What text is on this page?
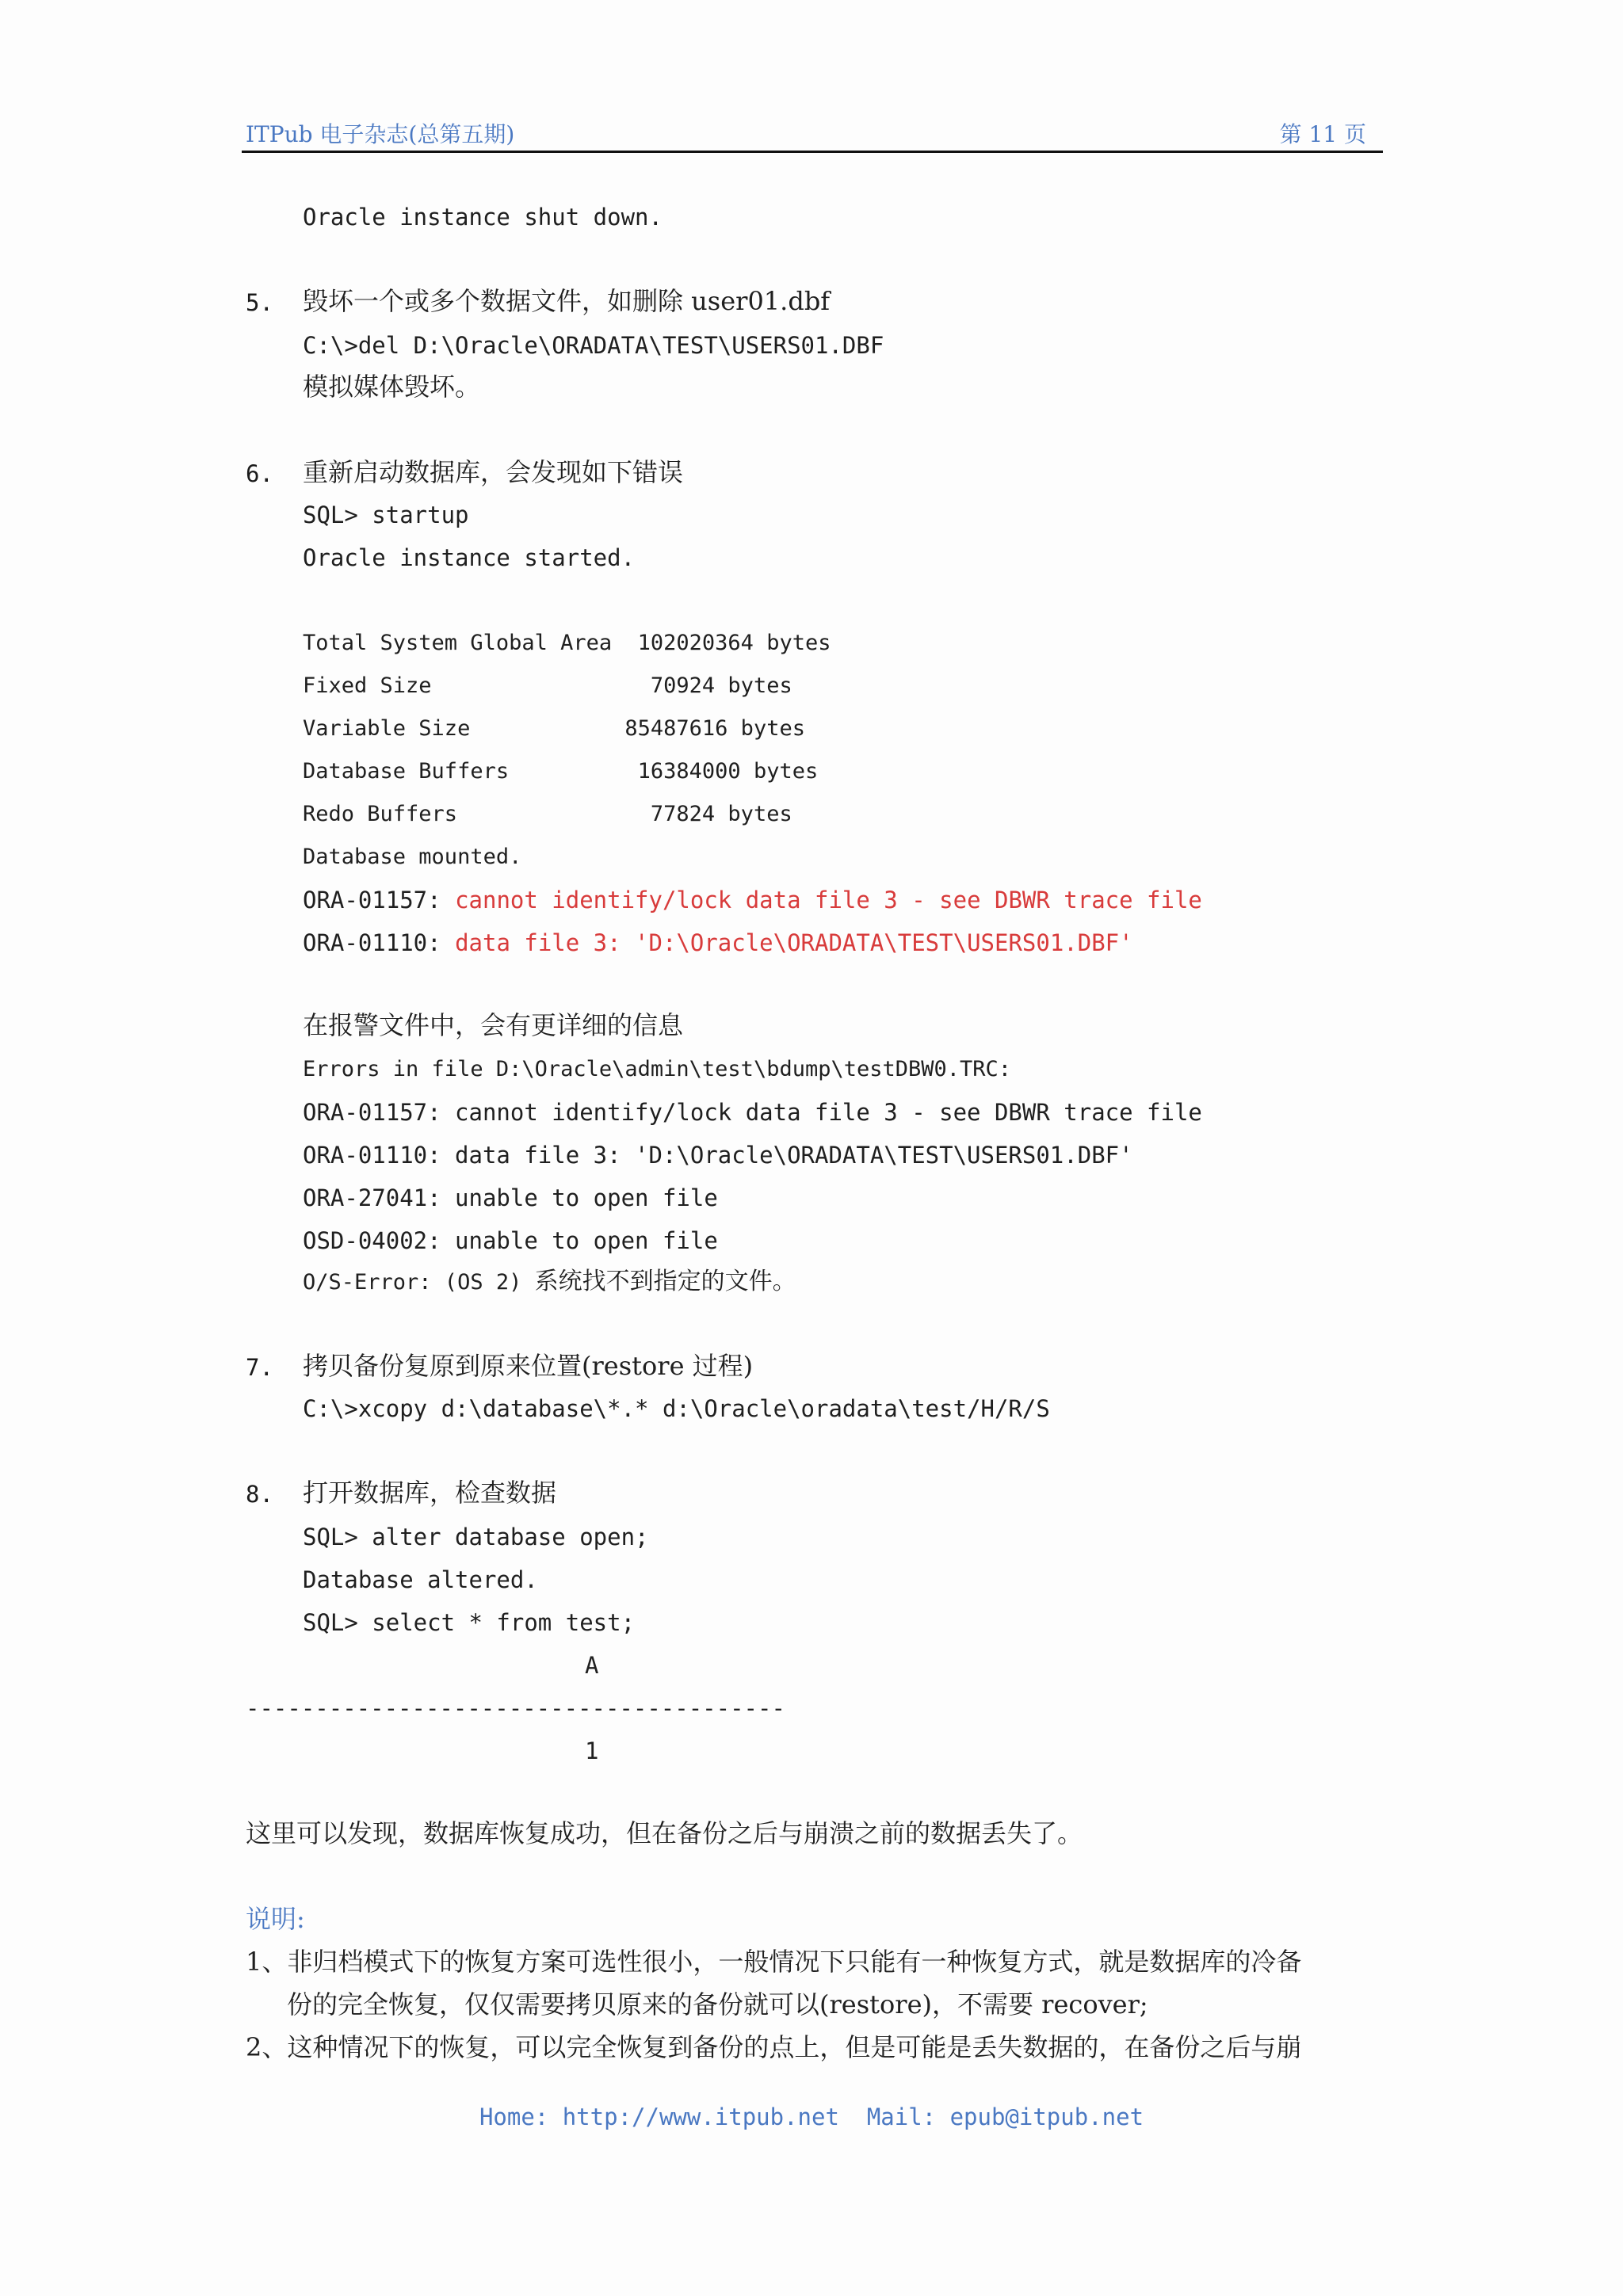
ITPub 电子杂志(总第五期)	第 11 页
Oracle instance shut down.
5. 毁坏一个或多个数据文件，如删除 user01.dbf
C:\>del D:\Oracle\ORADATA\TEST\USERS01.DBF
模拟媒体毁坏。
6. 重新启动数据库，会发现如下错误
SQL> startup
Oracle instance started.
Total System Global Area  102020364 bytes
Fixed Size                 70924 bytes
Variable Size            85487616 bytes
Database Buffers          16384000 bytes
Redo Buffers               77824 bytes
Database mounted.
ORA-01157: cannot identify/lock data file 3 - see DBWR trace file
ORA-01110: data file 3: 'D:\Oracle\ORADATA\TEST\USERS01.DBF'
在报警文件中，会有更详细的信息
Errors in file D:\Oracle\admin\test\bdump\testDBW0.TRC:
ORA-01157: cannot identify/lock data file 3 - see DBWR trace file
ORA-01110: data file 3: 'D:\Oracle\ORADATA\TEST\USERS01.DBF'
ORA-27041: unable to open file
OSD-04002: unable to open file
O/S-Error: (OS 2) 系统找不到指定的文件。
7. 拷贝备份复原到原来位置(restore 过程)
C:\>xcopy d:\database\*.* d:\Oracle\oradata\test/H/R/S
8. 打开数据库，检查数据
SQL> alter database open;
Database altered.
SQL> select * from test;
A
---------------------------------------
1
这里可以发现，数据库恢复成功，但在备份之后与崩溃之前的数据丢失了。
说明:
1、非归档模式下的恢复方案可选性很小，一般情况下只能有一种恢复方式，就是数据库的冷备
份的完全恢复，仅仅需要拷贝原来的备份就可以(restore)，不需要 recover;
2、这种情况下的恢复，可以完全恢复到备份的点上，但是可能是丢失数据的，在备份之后与崩
Home: http://www.itpub.net  Mail: epub@itpub.net
